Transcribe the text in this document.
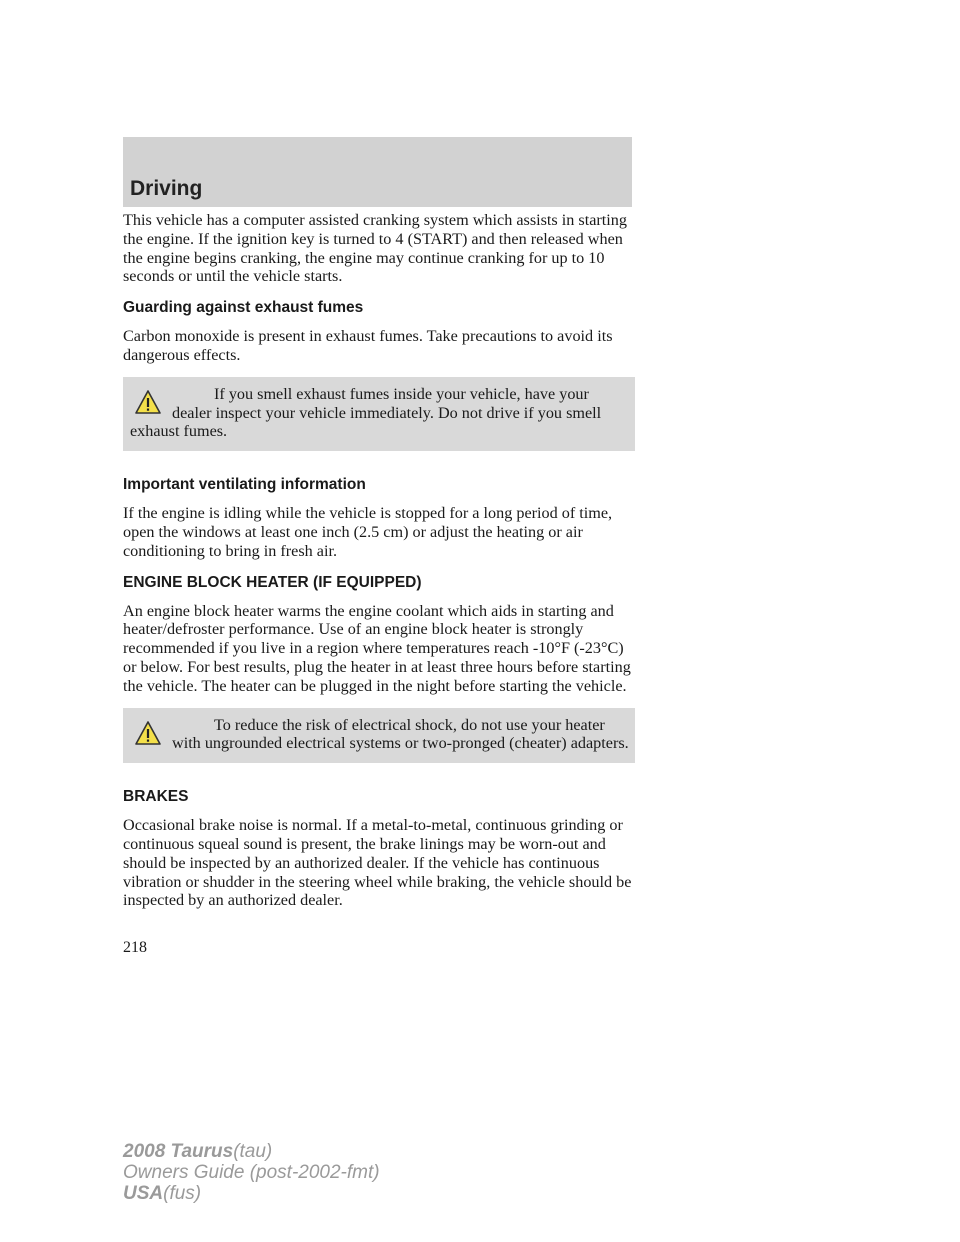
Driving

This vehicle has a computer assisted cranking system which assists in starting the engine. If the ignition key is turned to 4 (START) and then released when the engine begins cranking, the engine may continue cranking for up to 10 seconds or until the vehicle starts.

Guarding against exhaust fumes

Carbon monoxide is present in exhaust fumes. Take precautions to avoid its dangerous effects.

If you smell exhaust fumes inside your vehicle, have your dealer inspect your vehicle immediately. Do not drive if you smell exhaust fumes.
Important ventilating information

If the engine is idling while the vehicle is stopped for a long period of time, open the windows at least one inch (2.5 cm) or adjust the heating or air conditioning to bring in fresh air.

ENGINE BLOCK HEATER (IF EQUIPPED)

An engine block heater warms the engine coolant which aids in starting and heater/defroster performance. Use of an engine block heater is strongly recommended if you live in a region where temperatures reach -10°F (-23°C) or below. For best results, plug the heater in at least three hours before starting the vehicle. The heater can be plugged in the night before starting the vehicle.

To reduce the risk of electrical shock, do not use your heater with ungrounded electrical systems or two-pronged (cheater) adapters.
BRAKES

Occasional brake noise is normal. If a metal-to-metal, continuous grinding or continuous squeal sound is present, the brake linings may be worn-out and should be inspected by an authorized dealer. If the vehicle has continuous vibration or shudder in the steering wheel while braking, the vehicle should be inspected by an authorized dealer.

218
2008 Taurus(tau)
Owners Guide (post-2002-fmt)
USA(fus)
